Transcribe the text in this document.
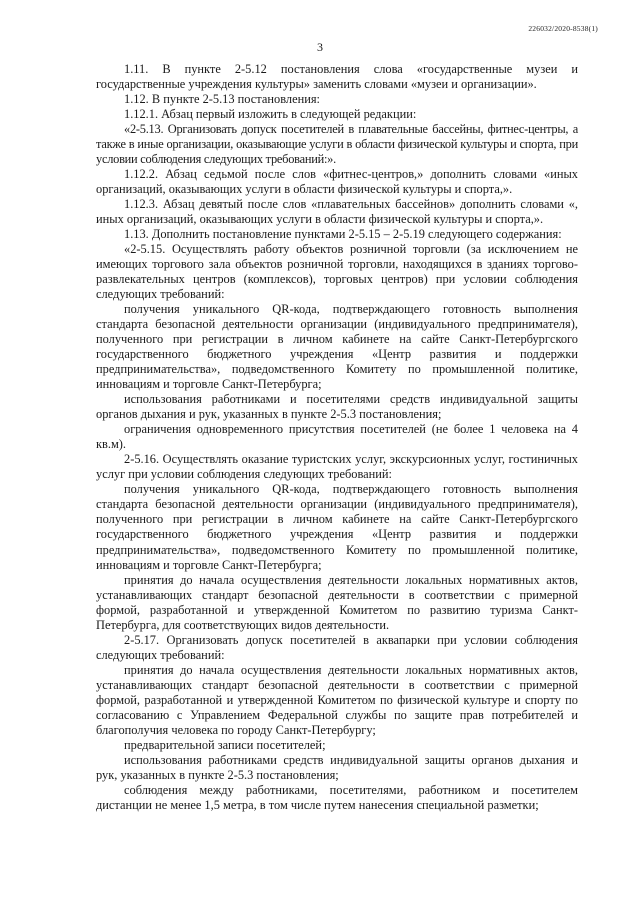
226032/2020-8538(1)
3

1.11. В пункте 2-5.12 постановления слова «государственные музеи и государственные учреждения культуры» заменить словами «музеи и организации».

1.12. В пункте 2-5.13 постановления:

1.12.1. Абзац первый изложить в следующей редакции:

«2-5.13. Организовать допуск посетителей в плавательные бассейны, фитнес-центры, а также в иные организации, оказывающие услуги в области физической культуры и спорта, при условии соблюдения следующих требований:».

1.12.2. Абзац седьмой после слов «фитнес-центров,» дополнить словами «иных организаций, оказывающих услуги в области физической культуры и спорта,».

1.12.3. Абзац девятый после слов «плавательных бассейнов» дополнить словами «, иных организаций, оказывающих услуги в области физической культуры и спорта,».

1.13. Дополнить постановление пунктами 2-5.15 – 2-5.19 следующего содержания:

«2-5.15. Осуществлять работу объектов розничной торговли (за исключением не имеющих торгового зала объектов розничной торговли, находящихся в зданиях торгово-развлекательных центров (комплексов), торговых центров) при условии соблюдения следующих требований:

получения уникального QR-кода, подтверждающего готовность выполнения стандарта безопасной деятельности организации (индивидуального предпринимателя), полученного при регистрации в личном кабинете на сайте Санкт-Петербургского государственного бюджетного учреждения «Центр развития и поддержки предпринимательства», подведомственного Комитету по промышленной политике, инновациям и торговле Санкт-Петербурга;

использования работниками и посетителями средств индивидуальной защиты органов дыхания и рук, указанных в пункте 2-5.3 постановления;

ограничения одновременного присутствия посетителей (не более 1 человека на 4 кв.м).

2-5.16. Осуществлять оказание туристских услуг, экскурсионных услуг, гостиничных услуг при условии соблюдения следующих требований:

получения уникального QR-кода, подтверждающего готовность выполнения стандарта безопасной деятельности организации (индивидуального предпринимателя), полученного при регистрации в личном кабинете на сайте Санкт-Петербургского государственного бюджетного учреждения «Центр развития и поддержки предпринимательства», подведомственного Комитету по промышленной политике, инновациям и торговле Санкт-Петербурга;

принятия до начала осуществления деятельности локальных нормативных актов, устанавливающих стандарт безопасной деятельности в соответствии с примерной формой, разработанной и утвержденной Комитетом по развитию туризма Санкт-Петербурга, для соответствующих видов деятельности.

2-5.17. Организовать допуск посетителей в аквапарки при условии соблюдения следующих требований:

принятия до начала осуществления деятельности локальных нормативных актов, устанавливающих стандарт безопасной деятельности в соответствии с примерной формой, разработанной и утвержденной Комитетом по физической культуре и спорту по согласованию с Управлением Федеральной службы по защите прав потребителей и благополучия человека по городу Санкт-Петербургу;

предварительной записи посетителей;

использования работниками средств индивидуальной защиты органов дыхания и рук, указанных в пункте 2-5.3 постановления;

соблюдения между работниками, посетителями, работником и посетителем дистанции не менее 1,5 метра, в том числе путем нанесения специальной разметки;
